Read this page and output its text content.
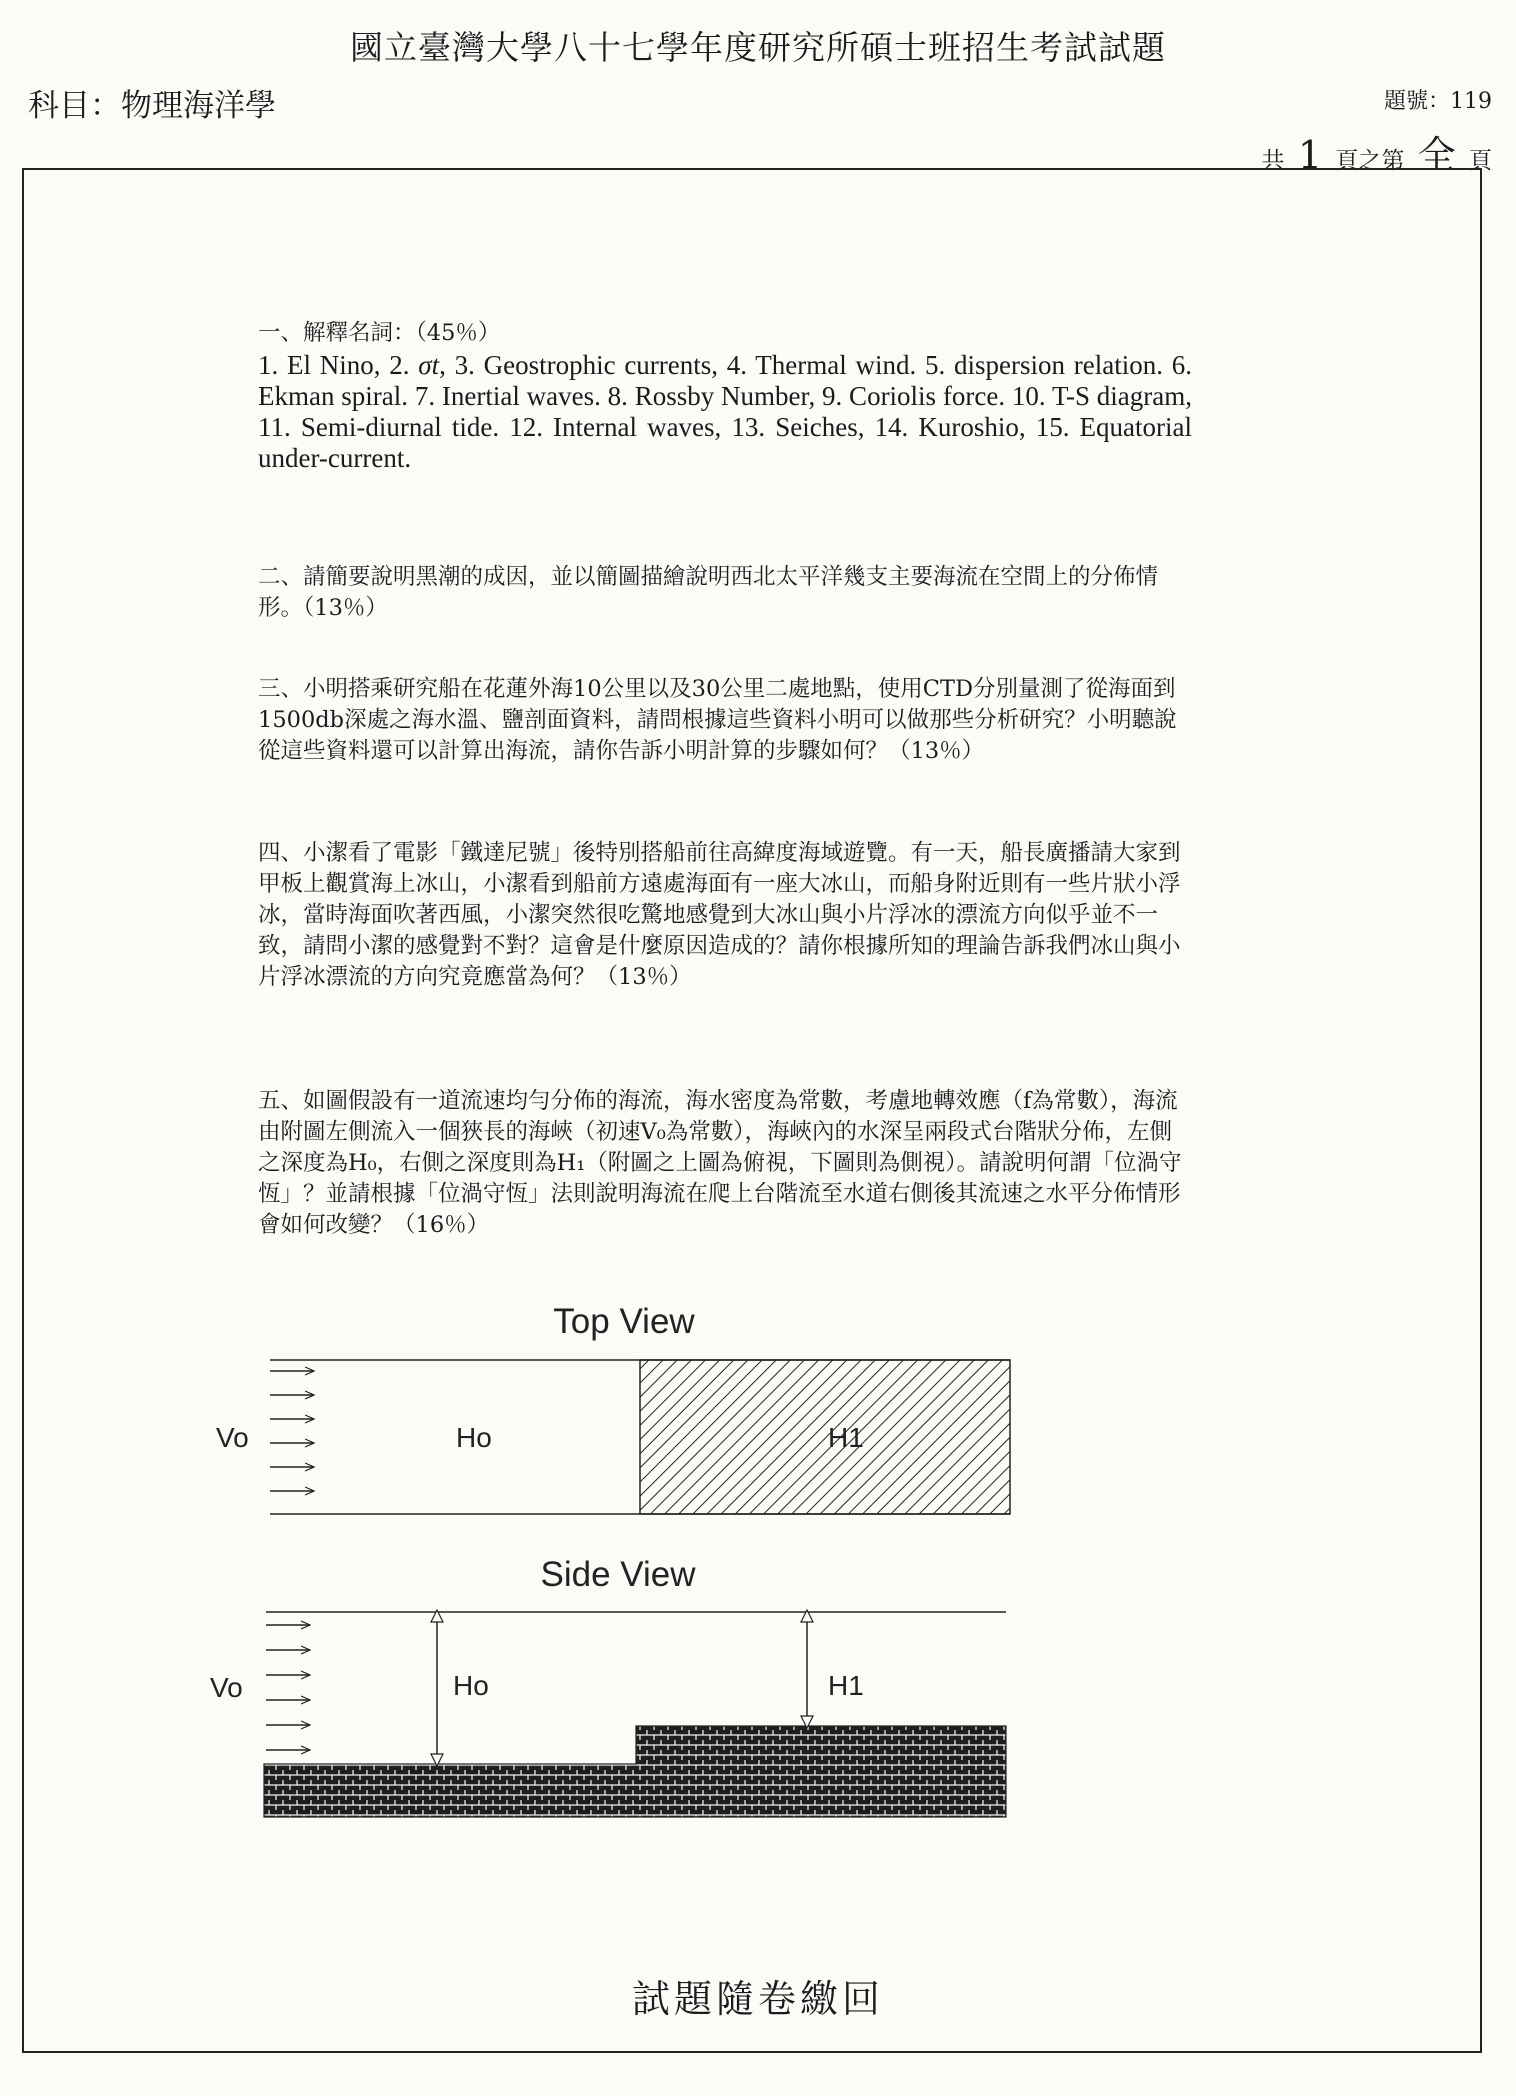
國立臺灣大學八十七學年度研究所碩士班招生考試試題
科目：物理海洋學	題號：119
共 1 頁之第 全 頁
一、解釋名詞：（45％）
1. El Nino, 2. σt, 3. Geostrophic currents, 4. Thermal wind. 5. dispersion relation. 6. Ekman spiral. 7. Inertial waves. 8. Rossby Number, 9. Coriolis force. 10. T-S diagram, 11. Semi-diurnal tide. 12. Internal waves, 13. Seiches, 14. Kuroshio, 15. Equatorial under-current.
二、請簡要說明黑潮的成因，並以簡圖描繪說明西北太平洋幾支主要海流在空間上的分佈情形。（13％）
三、小明搭乘研究船在花蓮外海10公里以及30公里二處地點，使用CTD分別量測了從海面到1500db深處之海水溫、鹽剖面資料，請問根據這些資料小明可以做那些分析研究？小明聽說從這些資料還可以計算出海流，請你告訴小明計算的步驟如何？（13％）
四、小潔看了電影「鐵達尼號」後特別搭船前往高緯度海域遊覽。有一天，船長廣播請大家到甲板上觀賞海上冰山，小潔看到船前方遠處海面有一座大冰山，而船身附近則有一些片狀小浮冰，當時海面吹著西風，小潔突然很吃驚地感覺到大冰山與小片浮冰的漂流方向似乎並不一致，請問小潔的感覺對不對？這會是什麼原因造成的？請你根據所知的理論告訴我們冰山與小片浮冰漂流的方向究竟應當為何？（13％）
五、如圖假設有一道流速均勻分佈的海流，海水密度為常數，考慮地轉效應（f為常數），海流由附圖左側流入一個狹長的海峽（初速V₀為常數），海峽內的水深呈兩段式台階狀分佈，左側之深度為H₀，右側之深度則為H₁（附圖之上圖為俯視，下圖則為側視）。請說明何謂「位渦守恆」？並請根據「位渦守恆」法則說明海流在爬上台階流至水道右側後其流速之水平分佈情形會如何改變？（16％）
Top View
Vo	Ho	H1
Side View
Vo	Ho	H1
試題隨卷繳回
